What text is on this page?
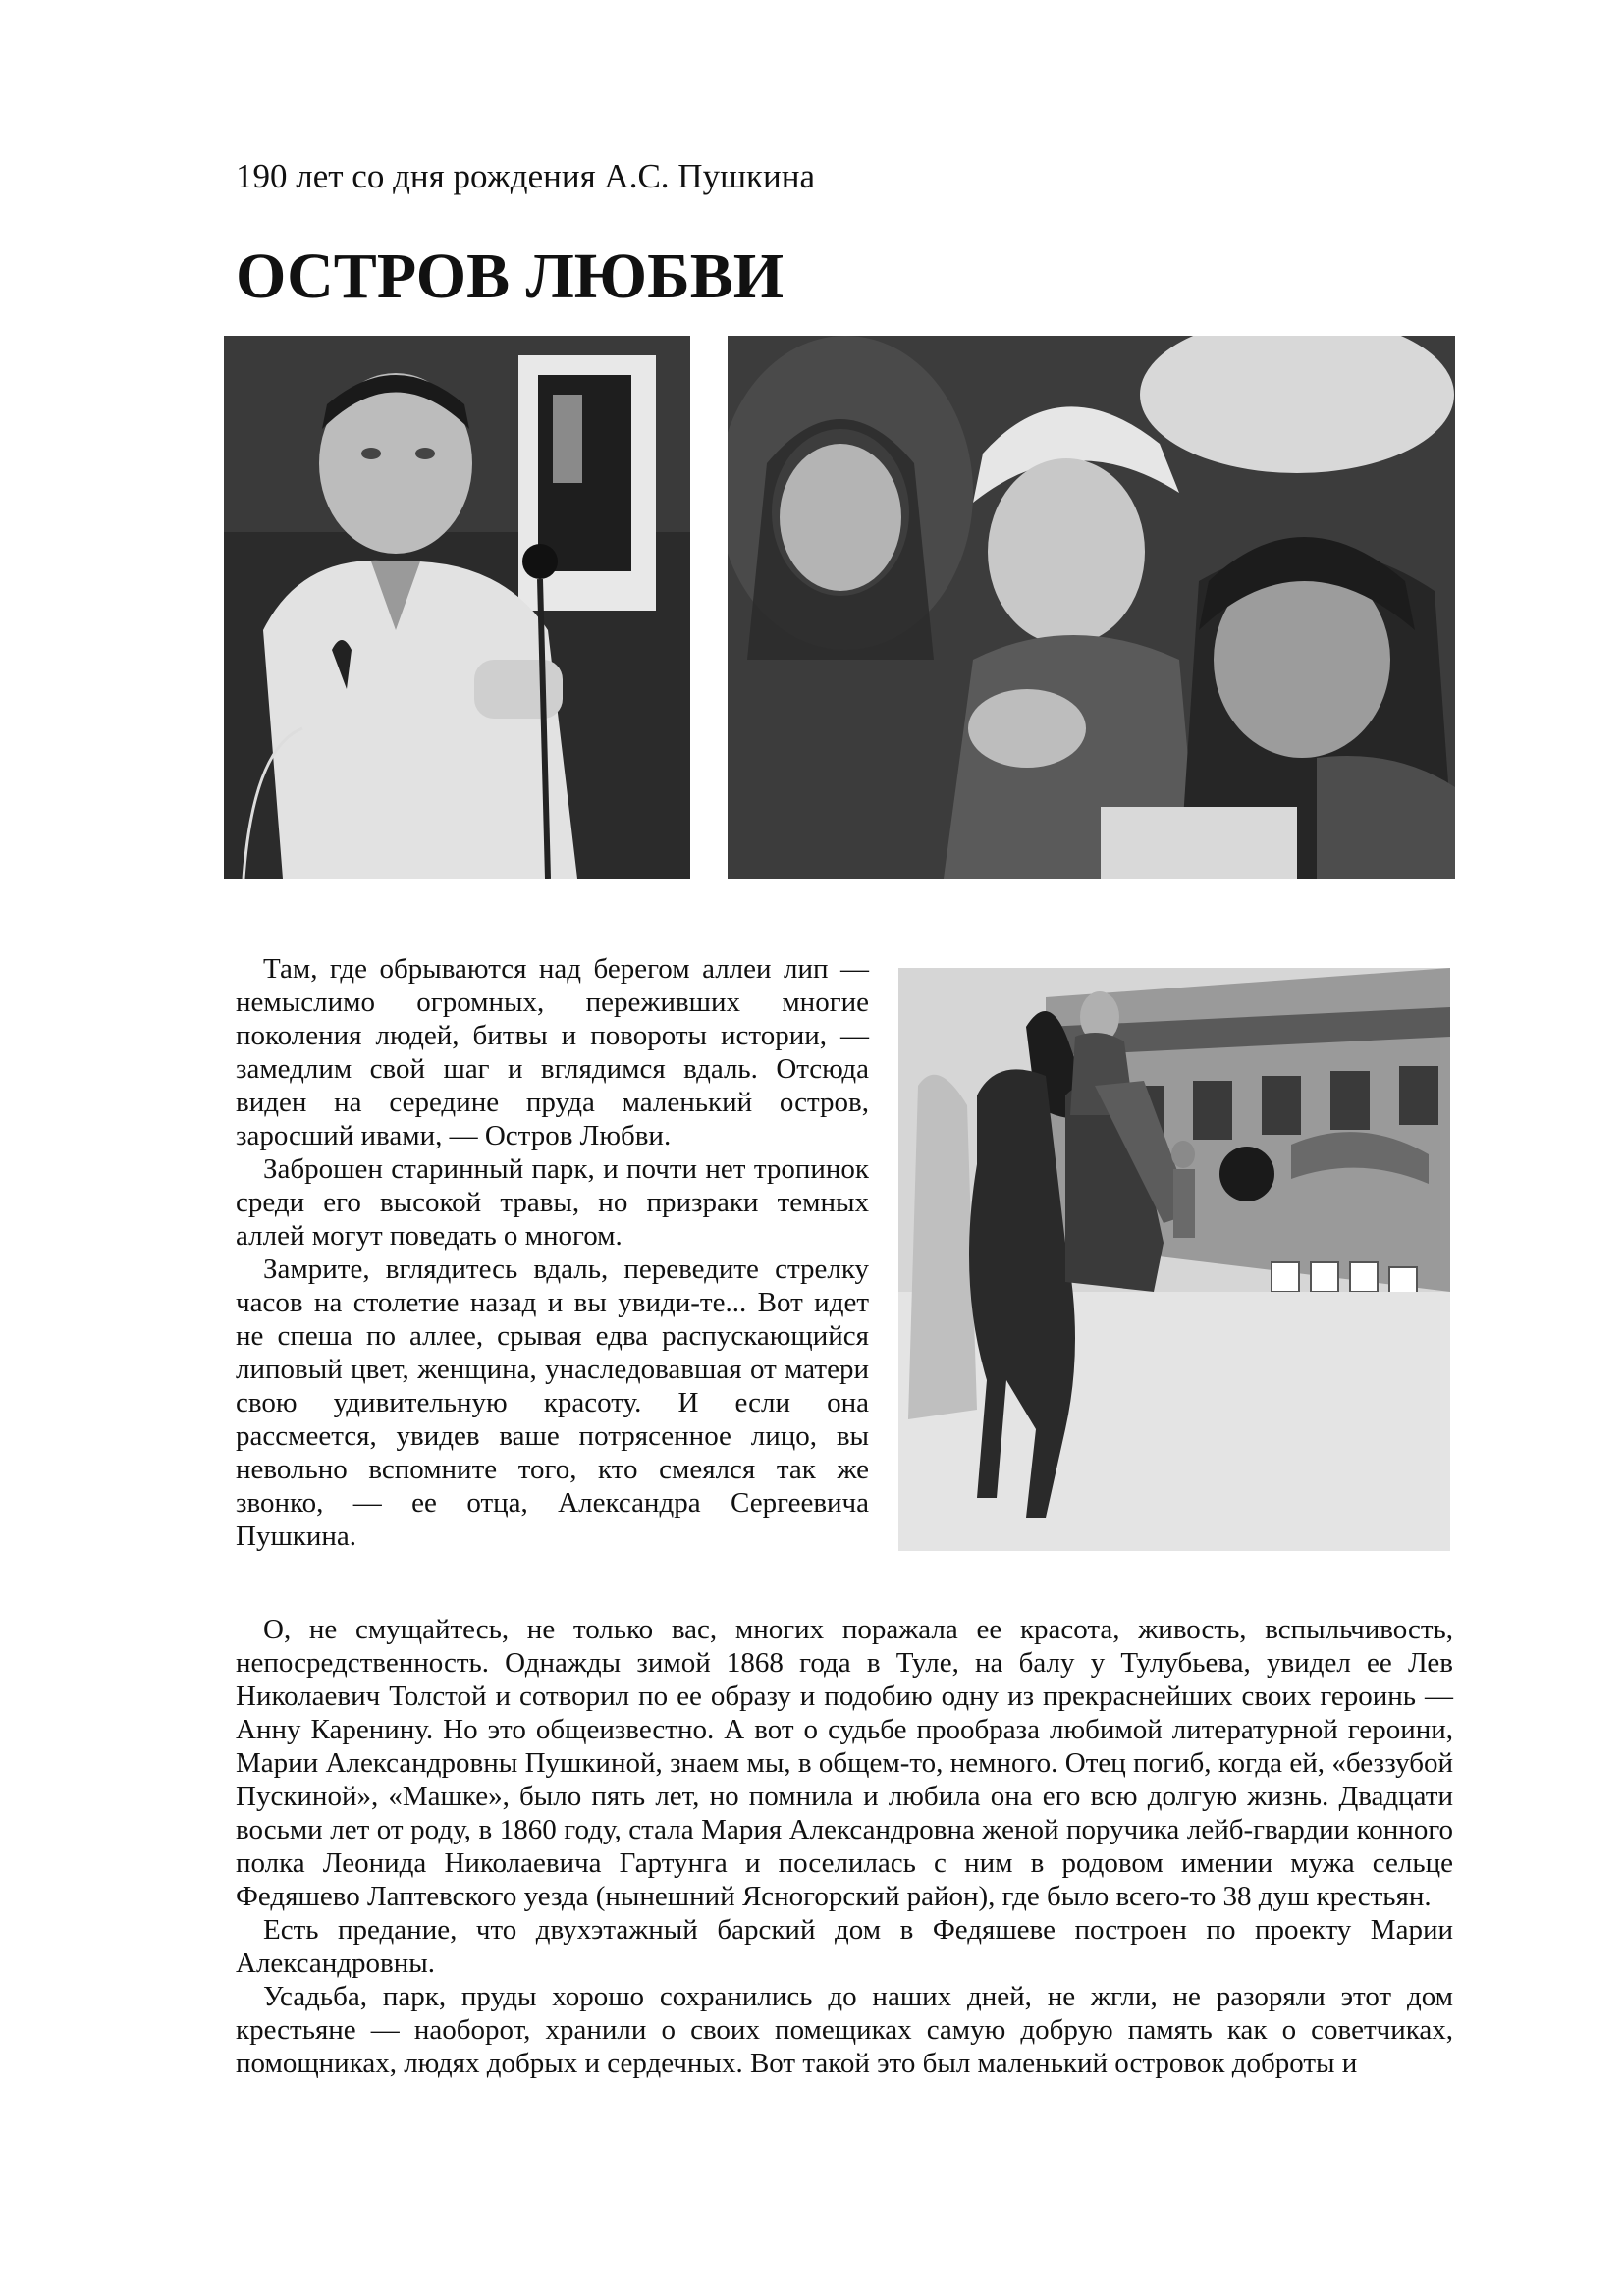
190 лет со дня рождения А.С. Пушкина
ОСТРОВ ЛЮБВИ

Там, где обрываются над берегом аллеи лип — немыслимо огромных, переживших многие поколения людей, битвы и повороты истории, — замедлим свой шаг и вглядимся вдаль. Отсюда виден на середине пруда маленький остров, заросший ивами, — Остров Любви.

Заброшен старинный парк, и почти нет тропинок среди его высокой травы, но призраки темных аллей могут поведать о многом.

Замрите, вглядитесь вдаль, переведите стрелку часов на столетие назад и вы увиди-те... Вот идет не спеша по аллее, срывая едва распускающийся липовый цвет, женщина, унаследовавшая от матери свою удивительную красоту. И если она рассмеется, увидев ваше потрясенное лицо, вы невольно вспомните того, кто смеялся так же звонко, — ее отца, Александра Сергеевича Пушкина.

О, не смущайтесь, не только вас, многих поражала ее красота, живость, вспыльчивость, непосредственность. Однажды зимой 1868 года в Туле, на балу у Тулубьева, увидел ее Лев Николаевич Толстой и сотворил по ее образу и подобию одну из прекраснейших своих героинь — Анну Каренину. Но это общеизвестно. А вот о судьбе прообраза любимой литературной героини, Марии Александровны Пушкиной, знаем мы, в общем-то, немного. Отец погиб, когда ей, «беззубой Пускиной», «Машке», было пять лет, но помнила и любила она его всю долгую жизнь. Двадцати восьми лет от роду, в 1860 году, стала Мария Александровна женой поручика лейб-гвардии конного полка Леонида Николаевича Гартунга и поселилась с ним в родовом имении мужа сельце Федяшево Лаптевского уезда (нынешний Ясногорский район), где было всего-то 38 душ крестьян.

Есть предание, что двухэтажный барский дом в Федяшеве построен по проекту Марии Александровны.

Усадьба, парк, пруды хорошо сохранились до наших дней, не жгли, не разоряли этот дом крестьяне — наоборот, хранили о своих помещиках самую добрую память как о советчиках, помощниках, людях добрых и сердечных. Вот такой это был маленький островок доброты и
